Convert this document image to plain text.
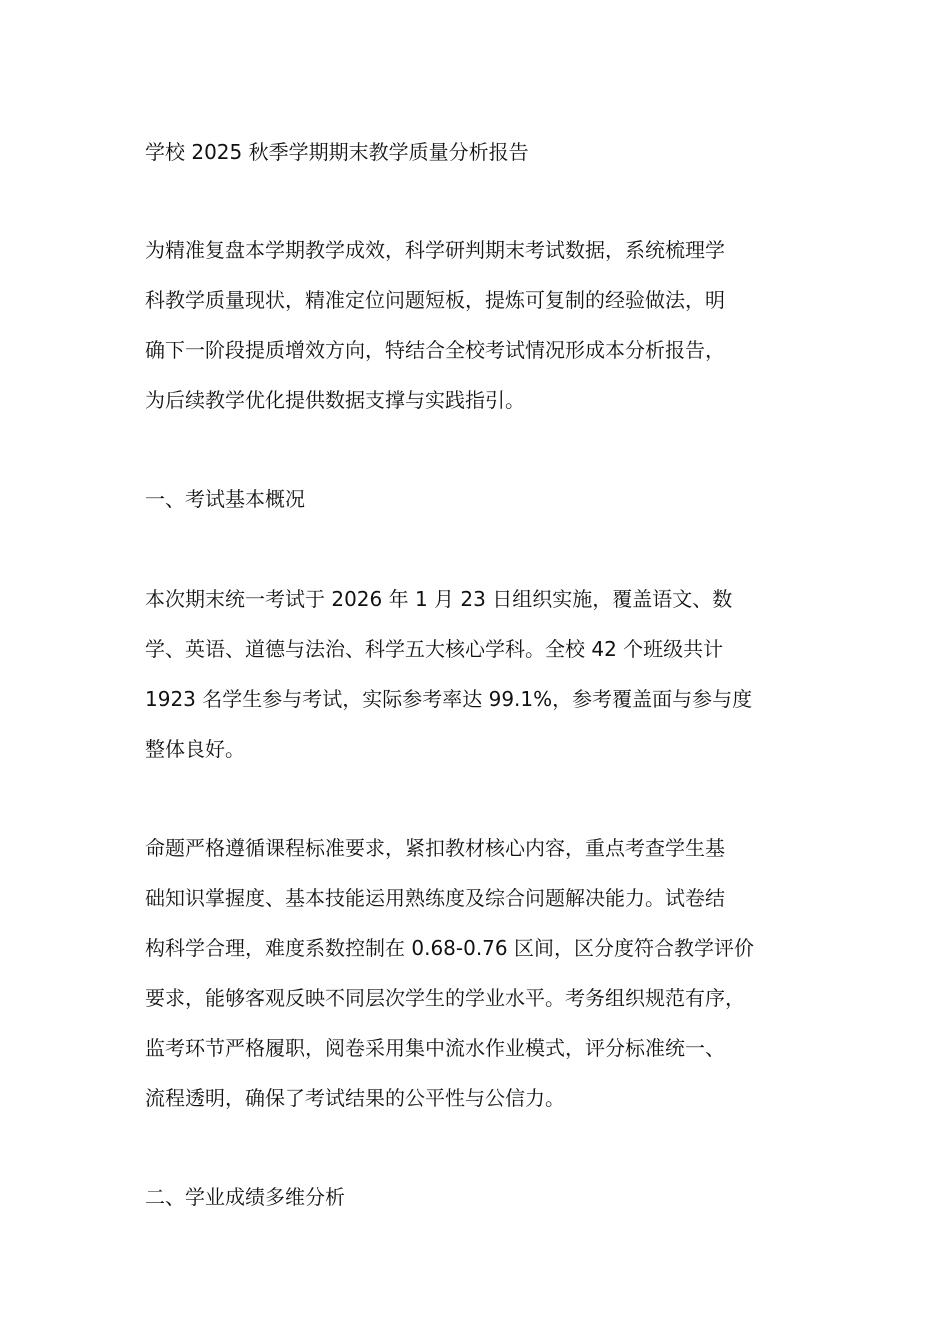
学校 2025 秋季学期期末教学质量分析报告
为精准复盘本学期教学成效，科学研判期末考试数据，系统梳理学
科教学质量现状，精准定位问题短板，提炼可复制的经验做法，明
确下一阶段提质增效方向，特结合全校考试情况形成本分析报告，
为后续教学优化提供数据支撑与实践指引。
一、考试基本概况
本次期末统一考试于 2026 年 1 月 23 日组织实施，覆盖语文、数
学、英语、道德与法治、科学五大核心学科。全校 42 个班级共计
1923 名学生参与考试，实际参考率达 99.1%，参考覆盖面与参与度
整体良好。
命题严格遵循课程标准要求，紧扣教材核心内容，重点考查学生基
础知识掌握度、基本技能运用熟练度及综合问题解决能力。试卷结
构科学合理，难度系数控制在 0.68-0.76 区间，区分度符合教学评价
要求，能够客观反映不同层次学生的学业水平。考务组织规范有序，
监考环节严格履职，阅卷采用集中流水作业模式，评分标准统一、
流程透明，确保了考试结果的公平性与公信力。
二、学业成绩多维分析
